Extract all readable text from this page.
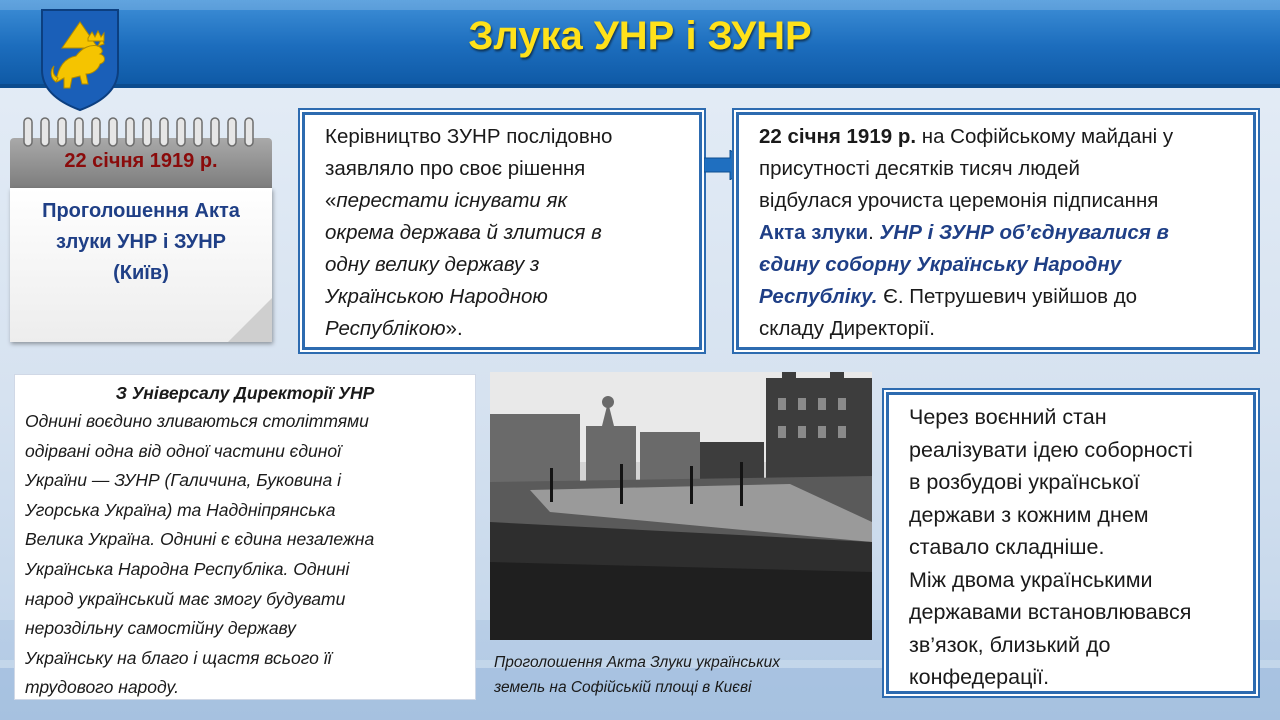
Злука УНР і ЗУНР
22 січня 1919 р.
Проголошення Акта
злуки УНР і ЗУНР
(Київ)

Керівництво ЗУНР послідовно

заявляло про своє рішення

«перестати існувати як

окрема держава й злитися в

одну велику державу з

Українською Народною

Республікою».

22 січня 1919 р. на Софійському майдані у

присутності десятків тисяч людей

відбулася урочиста церемонія підписання

Акта злуки. УНР і ЗУНР об’єднувалися в

єдину соборну Українську Народну

Республіку. Є. Петрушевич увійшов до

складу Директорії.

З Універсалу Директорії УНР
Однині воєдино зливаються століттями
одірвані одна від одної частини єдиної
України — ЗУНР (Галичина, Буковина і
Угорська Україна) та Наддніпрянська
Велика Україна. Однині є єдина незалежна
Українська Народна Республіка. Однині
народ український має змогу будувати
нероздільну самостійну державу
Українську на благо і щастя всього її
трудового народу.
Проголошення Акта Злуки українських
земель на Софійській площі в Києві

Через воєнний стан

реалізувати ідею соборності

в розбудові української

держави з кожним днем

ставало складніше.

Між двома українськими

державами встановлювався

зв’язок, близький до

конфедерації.
